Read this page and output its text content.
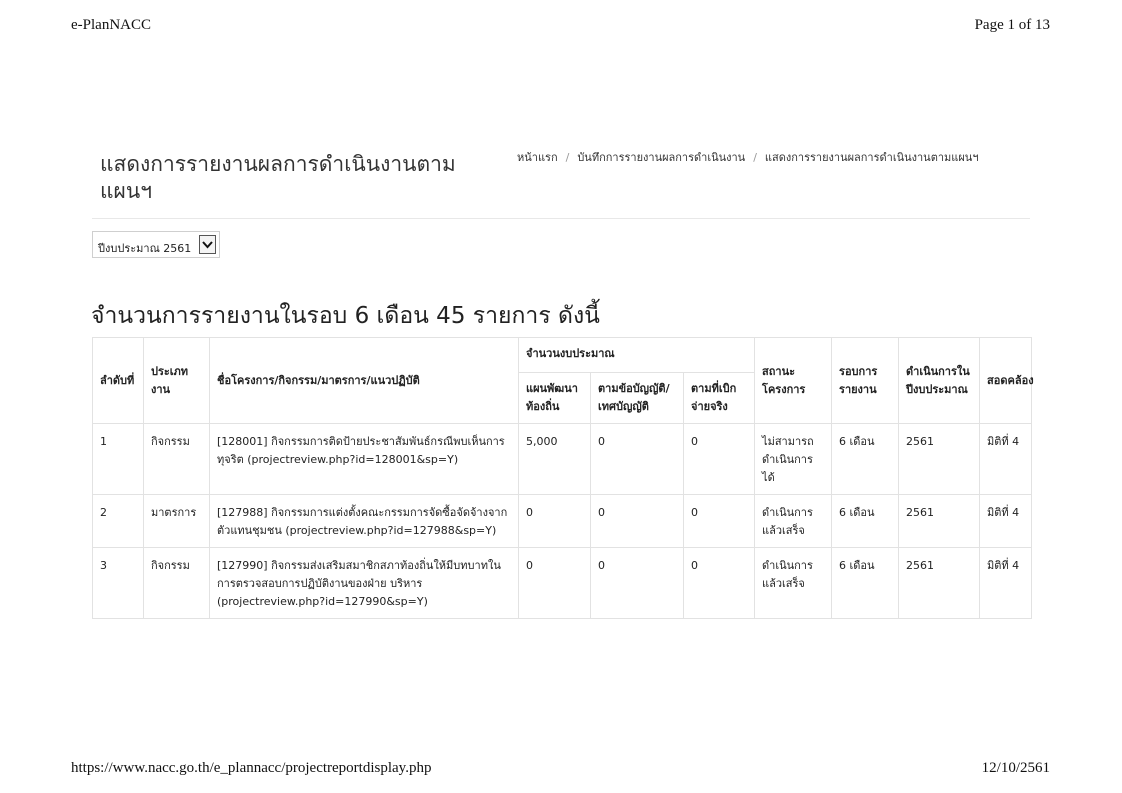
e-PlanNACC	Page 1 of 13
แสดงการรายงานผลการดำเนินงานตามแผนฯ
หน้าแรก / บันทึกการรายงานผลการดำเนินงาน / แสดงการรายงานผลการดำเนินงานตามแผนฯ
ปีงบประมาณ 2561
จำนวนการรายงานในรอบ 6 เดือน 45 รายการ ดังนี้
ลำดับที่	ประเภทงาน	ชื่อโครงการ/กิจกรรม/มาตรการ/แนวปฏิบัติ	จำนวนงบประมาณ			สถานะโครงการ	รอบการรายงาน	ดำเนินการในปีงบประมาณ	สอดคล้อง
			แผนพัฒนาท้องถิ่น	ตามข้อบัญญัติ/เทศบัญญัติ	ตามที่เบิกจ่ายจริง				
1	กิจกรรม	[128001] กิจกรรมการติดป้ายประชาสัมพันธ์กรณีพบเห็นการทุจริต (projectreview.php?id=128001&sp=Y)	5,000	0	0	ไม่สามารถดำเนินการได้	6 เดือน	2561	มิติที่ 4
2	มาตรการ	[127988] กิจกรรมการแต่งตั้งคณะกรรมการจัดซื้อจัดจ้างจากตัวแทนชุมชน (projectreview.php?id=127988&sp=Y)	0	0	0	ดำเนินการแล้วเสร็จ	6 เดือน	2561	มิติที่ 4
3	กิจกรรม	[127990] กิจกรรมส่งเสริมสมาชิกสภาท้องถิ่นให้มีบทบาทในการตรวจสอบการปฏิบัติงานของฝ่าย บริหาร (projectreview.php?id=127990&sp=Y)	0	0	0	ดำเนินการแล้วเสร็จ	6 เดือน	2561	มิติที่ 4
https://www.nacc.go.th/e_plannacc/projectreportdisplay.php	12/10/2561
